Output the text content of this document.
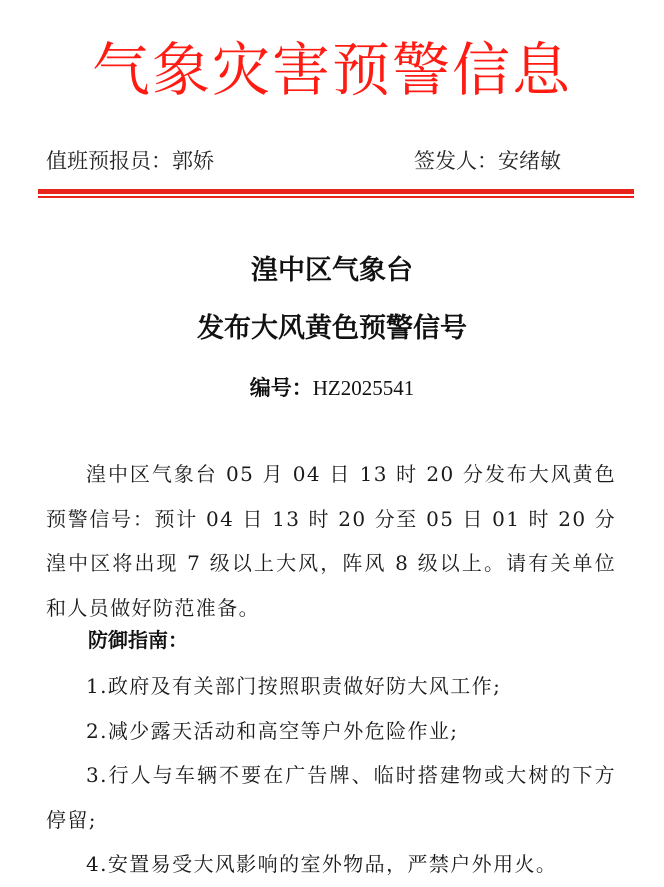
气象灾害预警信息
值班预报员：郭娇	签发人：安绪敏
湟中区气象台
发布大风黄色预警信号
编号：HZ2025541

湟中区气象台 05 月 04 日 13 时 20 分发布大风黄色预警信号：预计 04 日 13 时 20 分至 05 日 01 时 20 分湟中区将出现 7 级以上大风，阵风 8 级以上。请有关单位和人员做好防范准备。

防御指南：
1.政府及有关部门按照职责做好防大风工作;
2.减少露天活动和高空等户外危险作业;
3.行人与车辆不要在广告牌、临时搭建物或大树的下方停留;
4.安置易受大风影响的室外物品，严禁户外用火。
